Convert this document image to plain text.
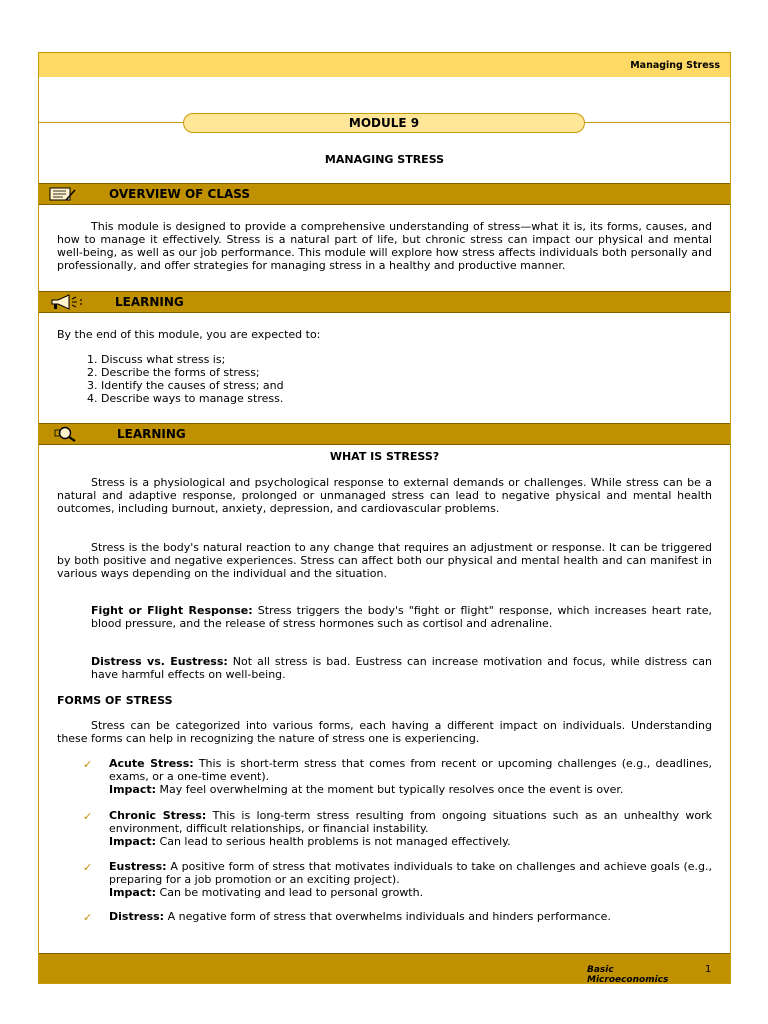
Managing Stress
MODULE 9
MANAGING STRESS
OVERVIEW OF CLASS
This module is designed to provide a comprehensive understanding of stress—what it is, its forms, causes, and how to manage it effectively. Stress is a natural part of life, but chronic stress can impact our physical and mental well-being, as well as our job performance. This module will explore how stress affects individuals both personally and professionally, and offer strategies for managing stress in a healthy and productive manner.
LEARNING
By the end of this module, you are expected to:
1. Discuss what stress is;
2. Describe the forms of stress;
3. Identify the causes of stress; and
4. Describe ways to manage stress.
LEARNING
WHAT IS STRESS?
Stress is a physiological and psychological response to external demands or challenges. While stress can be a natural and adaptive response, prolonged or unmanaged stress can lead to negative physical and mental health outcomes, including burnout, anxiety, depression, and cardiovascular problems.
Stress is the body's natural reaction to any change that requires an adjustment or response. It can be triggered by both positive and negative experiences. Stress can affect both our physical and mental health and can manifest in various ways depending on the individual and the situation.
Fight or Flight Response: Stress triggers the body's "fight or flight" response, which increases heart rate, blood pressure, and the release of stress hormones such as cortisol and adrenaline.
Distress vs. Eustress: Not all stress is bad. Eustress can increase motivation and focus, while distress can have harmful effects on well-being.
FORMS OF STRESS
Stress can be categorized into various forms, each having a different impact on individuals. Understanding these forms can help in recognizing the nature of stress one is experiencing.
✓ Acute Stress: This is short-term stress that comes from recent or upcoming challenges (e.g., deadlines, exams, or a one-time event).
Impact: May feel overwhelming at the moment but typically resolves once the event is over.
✓ Chronic Stress: This is long-term stress resulting from ongoing situations such as an unhealthy work environment, difficult relationships, or financial instability.
Impact: Can lead to serious health problems is not managed effectively.
✓ Eustress: A positive form of stress that motivates individuals to take on challenges and achieve goals (e.g., preparing for a job promotion or an exciting project).
Impact: Can be motivating and lead to personal growth.
✓ Distress: A negative form of stress that overwhelms individuals and hinders performance.
Basic Microeconomics
1
